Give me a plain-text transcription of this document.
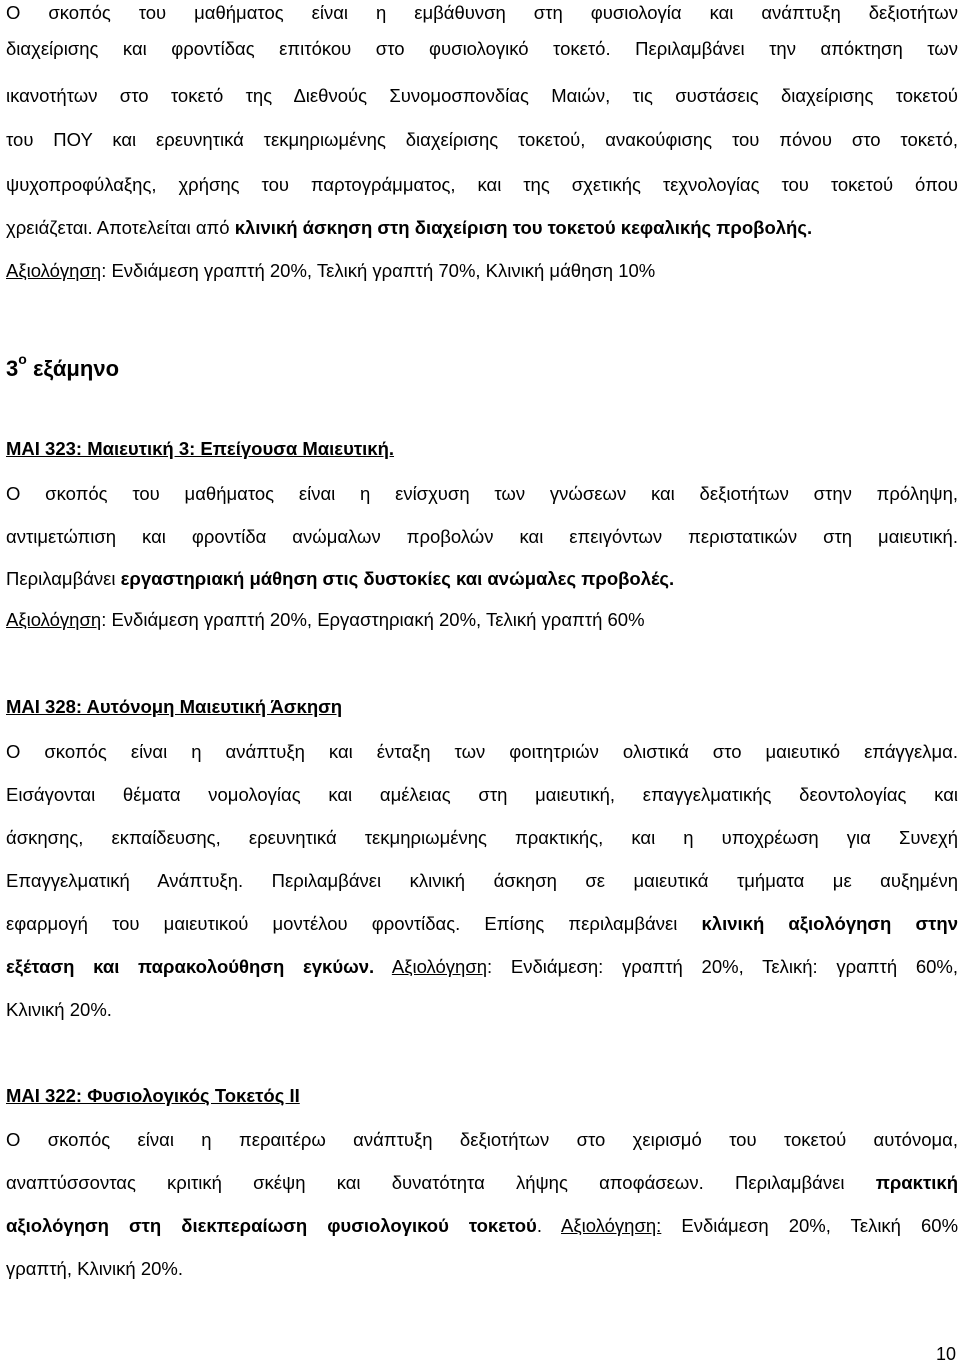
Ο σκοπός του μαθήματος είναι η εμβάθυνση στη φυσιολογία και ανάπτυξη δεξιοτήτων
διαχείρισης και φροντίδας επιτόκου στο φυσιολογικό τοκετό. Περιλαμβάνει την απόκτηση των
ικανοτήτων στο τοκετό της Διεθνούς Συνομοσπονδίας Μαιών, τις συστάσεις διαχείρισης τοκετού
του ΠΟΥ και ερευνητικά τεκμηριωμένης διαχείρισης τοκετού, ανακούφισης του πόνου στο τοκετό,
ψυχοπροφύλαξης, χρήσης του παρτογράμματος, και της σχετικής τεχνολογίας του τοκετού όπου
χρειάζεται. Αποτελείται από κλινική άσκηση στη διαχείριση του τοκετού κεφαλικής προβολής.
Αξιολόγηση: Ενδιάμεση γραπτή 20%, Τελική γραπτή 70%, Κλινική μάθηση 10%
$3^o$ εξάμηνο
ΜΑΙ 323: Μαιευτική 3: Επείγουσα Μαιευτική.
Ο σκοπός του μαθήματος είναι η ενίσχυση των γνώσεων και δεξιοτήτων στην πρόληψη,
αντιμετώπιση και φροντίδα ανώμαλων προβολών και επειγόντων περιστατικών στη μαιευτική.
Περιλαμβάνει εργαστηριακή μάθηση στις δυστοκίες και ανώμαλες προβολές.
Αξιολόγηση: Ενδιάμεση γραπτή 20%, Εργαστηριακή 20%, Τελική γραπτή 60%
ΜΑΙ 328: Αυτόνομη Μαιευτική Άσκηση
Ο σκοπός είναι η ανάπτυξη και ένταξη των φοιτητριών ολιστικά στο μαιευτικό επάγγελμα.
Εισάγονται θέματα νομολογίας και αμέλειας στη μαιευτική, επαγγελματικής δεοντολογίας και
άσκησης, εκπαίδευσης, ερευνητικά τεκμηριωμένης πρακτικής, και η υποχρέωση για Συνεχή
Επαγγελματική Ανάπτυξη. Περιλαμβάνει κλινική άσκηση σε μαιευτικά τμήματα με αυξημένη
εφαρμογή του μαιευτικού μοντέλου φροντίδας. Επίσης περιλαμβάνει κλινική αξιολόγηση στην
εξέταση και παρακολούθηση εγκύων. Αξιολόγηση: Ενδιάμεση: γραπτή 20%, Τελική: γραπτή 60%,
Κλινική 20%.
ΜΑΙ 322: Φυσιολογικός Τοκετός ΙΙ
Ο σκοπός είναι η περαιτέρω ανάπτυξη δεξιοτήτων στο χειρισμό του τοκετού αυτόνομα,
αναπτύσσοντας κριτική σκέψη και δυνατότητα λήψης αποφάσεων. Περιλαμβάνει πρακτική
αξιολόγηση στη διεκπεραίωση φυσιολογικού τοκετού. Αξιολόγηση: Ενδιάμεση 20%, Τελική 60%
γραπτή, Κλινική 20%.
10
